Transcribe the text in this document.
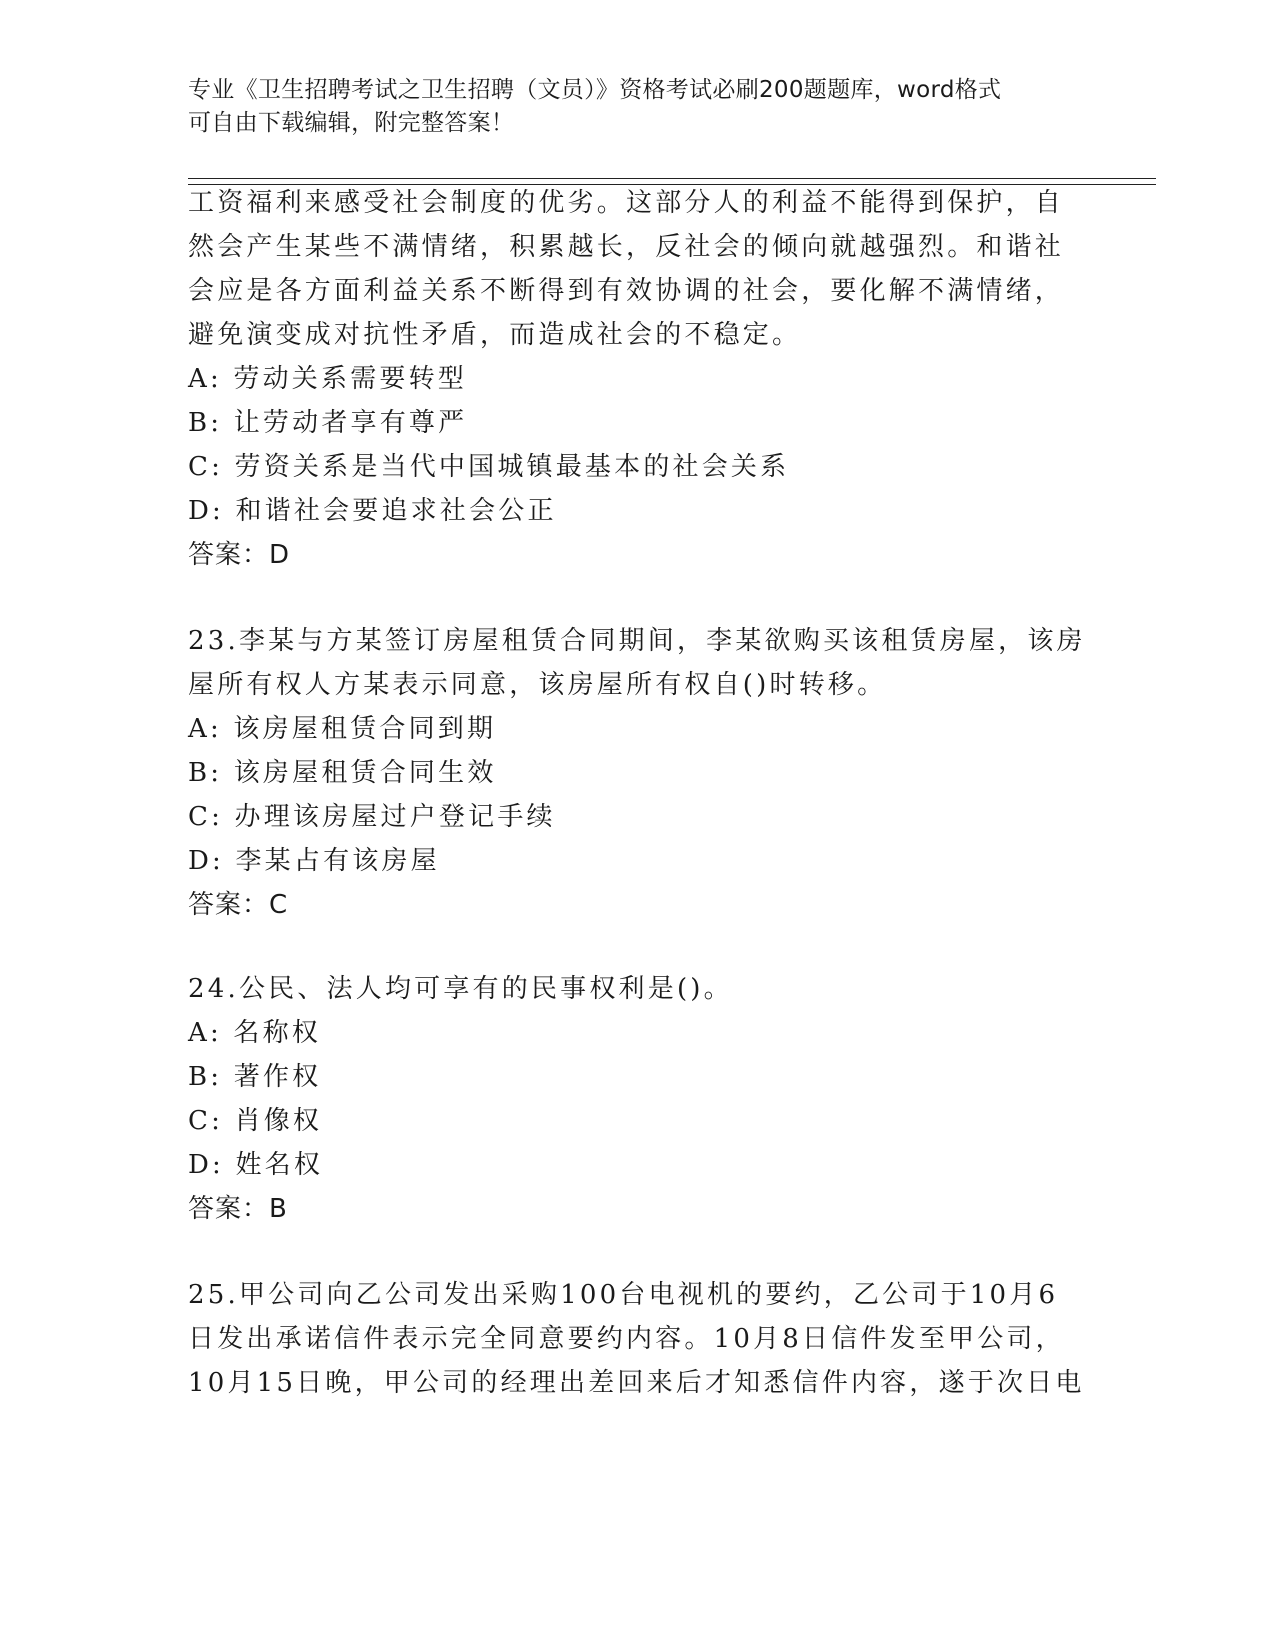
专业《卫生招聘考试之卫生招聘（文员）》资格考试必刷200题题库，word格式
可自由下载编辑，附完整答案！
工资福利来感受社会制度的优劣。这部分人的利益不能得到保护，自
然会产生某些不满情绪，积累越长，反社会的倾向就越强烈。和谐社
会应是各方面利益关系不断得到有效协调的社会，要化解不满情绪，
避免演变成对抗性矛盾，而造成社会的不稳定。
A: 劳动关系需要转型
B: 让劳动者享有尊严
C: 劳资关系是当代中国城镇最基本的社会关系
D: 和谐社会要追求社会公正
答案：D
23.李某与方某签订房屋租赁合同期间，李某欲购买该租赁房屋，该房
屋所有权人方某表示同意，该房屋所有权自()时转移。
A: 该房屋租赁合同到期
B: 该房屋租赁合同生效
C: 办理该房屋过户登记手续
D: 李某占有该房屋
答案：C
24.公民、法人均可享有的民事权利是()。
A: 名称权
B: 著作权
C: 肖像权
D: 姓名权
答案：B
25.甲公司向乙公司发出采购100台电视机的要约，乙公司于10月6
日发出承诺信件表示完全同意要约内容。10月8日信件发至甲公司，
10月15日晚，甲公司的经理出差回来后才知悉信件内容，遂于次日电
